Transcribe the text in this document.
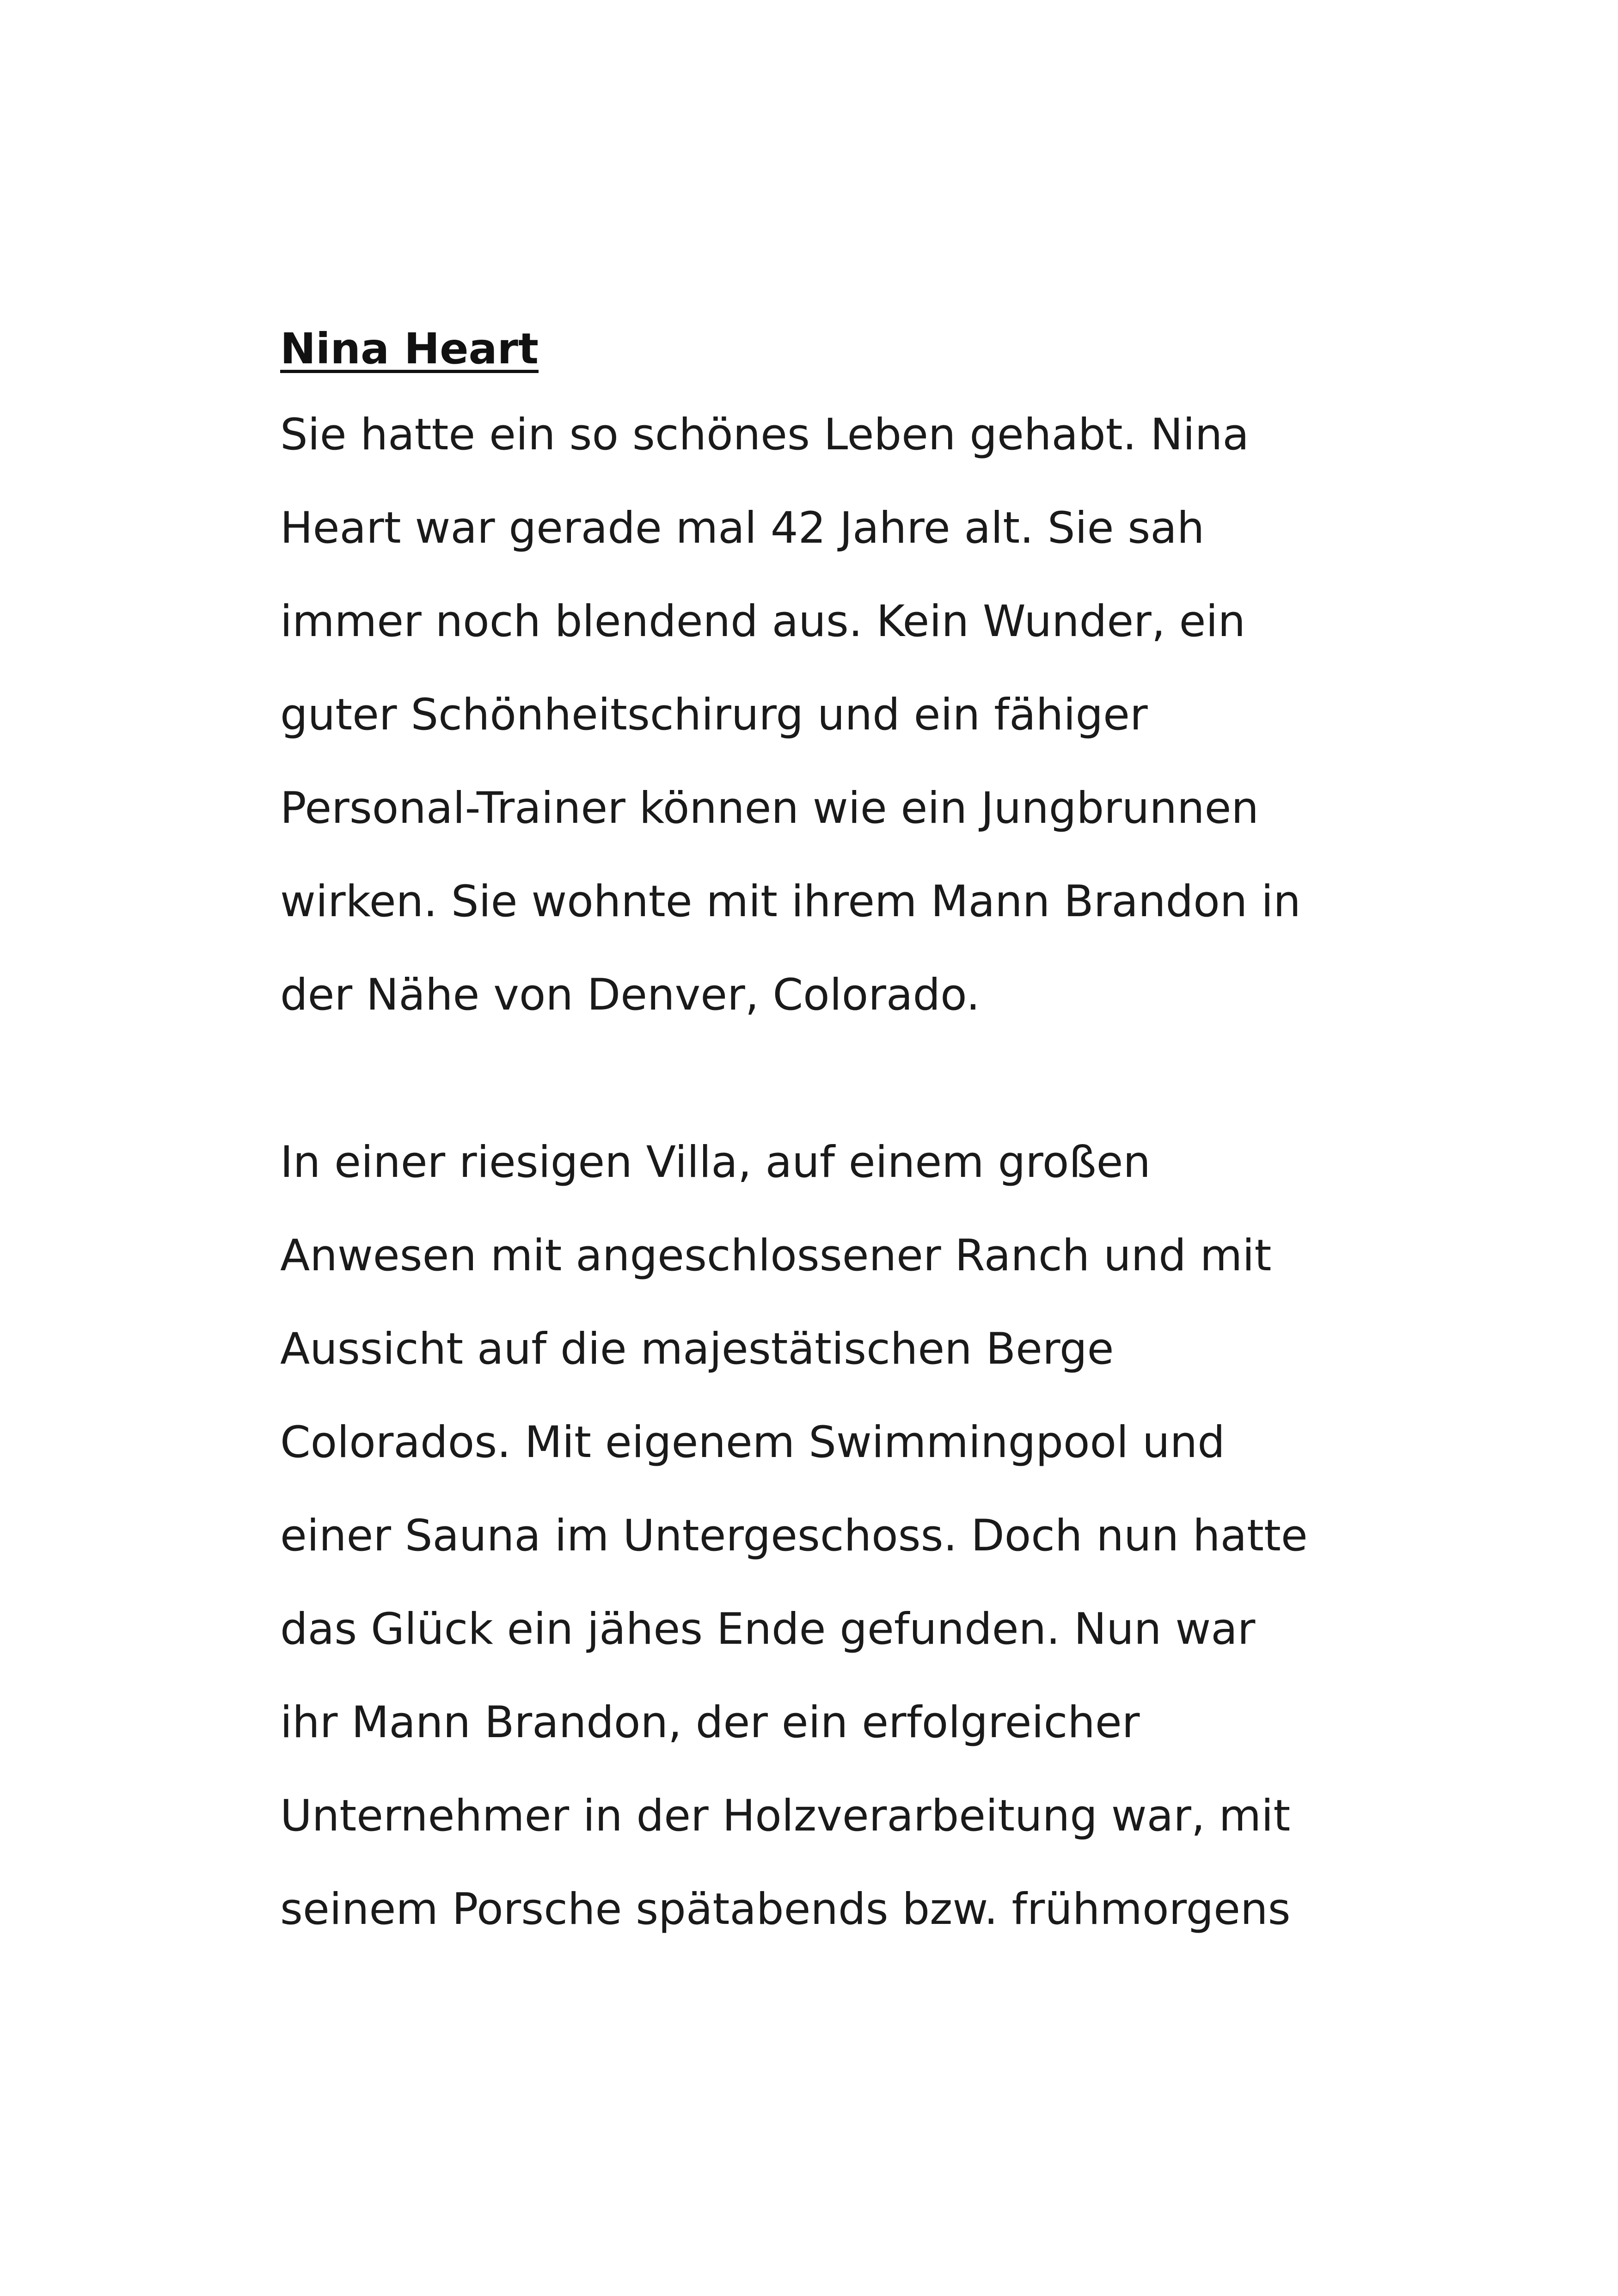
Nina Heart
Sie hatte ein so schönes Leben gehabt. Nina
Heart war gerade mal 42 Jahre alt. Sie sah
immer noch blendend aus. Kein Wunder, ein
guter Schönheitschirurg und ein fähiger
Personal-Trainer können wie ein Jungbrunnen
wirken. Sie wohnte mit ihrem Mann Brandon in
der Nähe von Denver, Colorado.
In einer riesigen Villa, auf einem großen
Anwesen mit angeschlossener Ranch und mit
Aussicht auf die majestätischen Berge
Colorados. Mit eigenem Swimmingpool und
einer Sauna im Untergeschoss. Doch nun hatte
das Glück ein jähes Ende gefunden. Nun war
ihr Mann Brandon, der ein erfolgreicher
Unternehmer in der Holzverarbeitung war, mit
seinem Porsche spätabends bzw. frühmorgens
